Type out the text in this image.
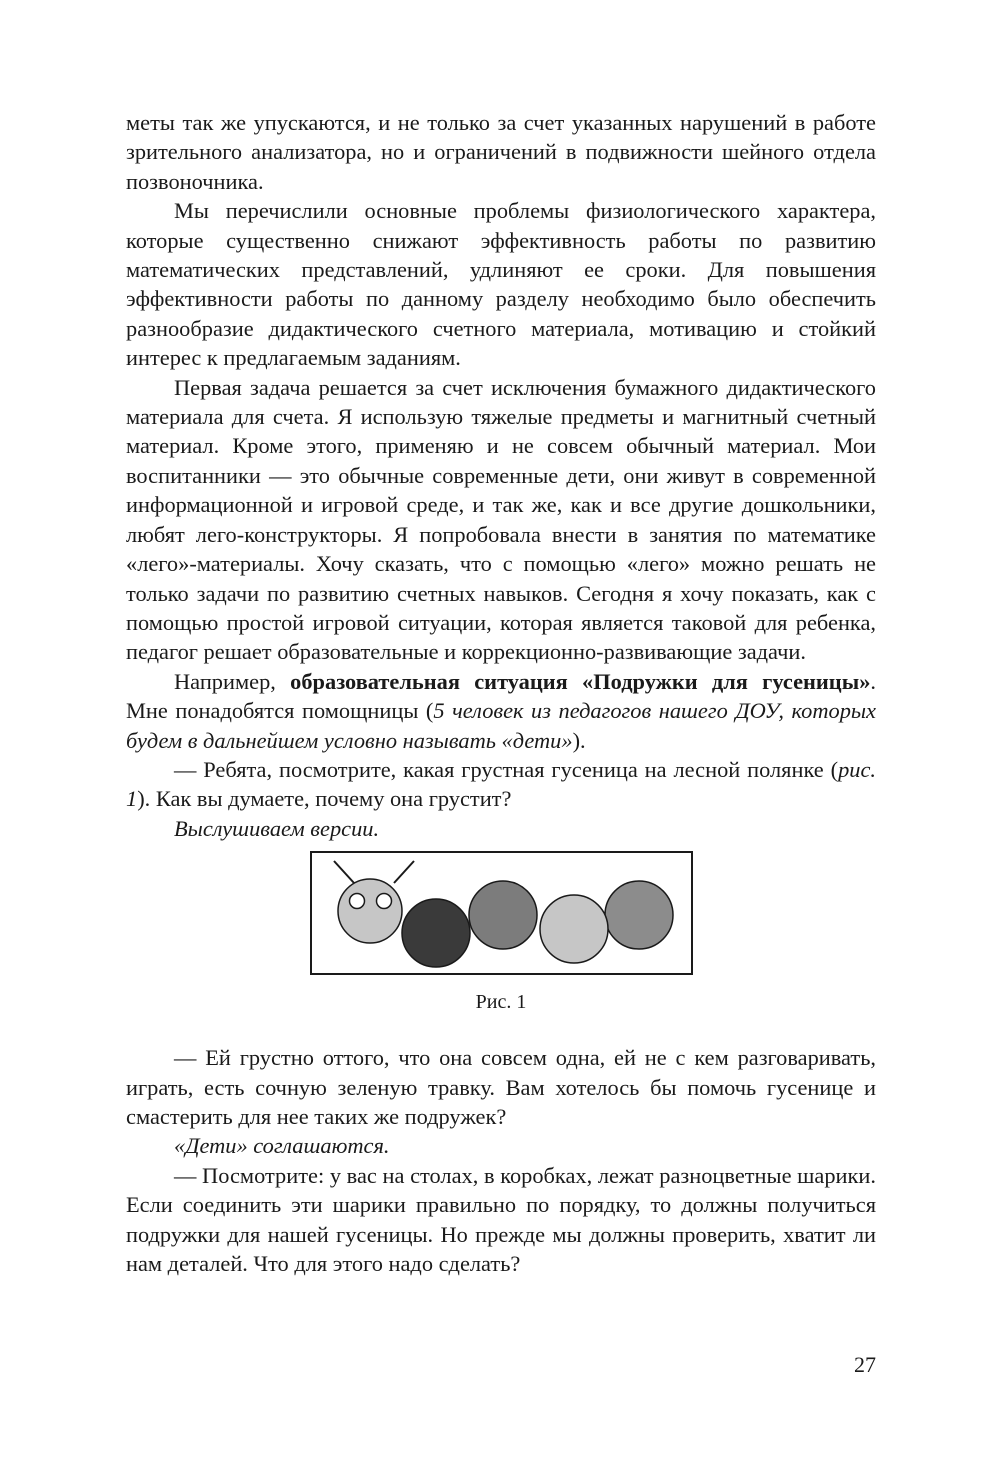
меты так же упускаются, и не только за счет указанных нарушений в работе зрительного анализатора, но и ограничений в подвижности шейного отдела позвоночника.

Мы перечислили основные проблемы физиологического характера, которые существенно снижают эффективность работы по развитию математических представлений, удлиняют ее сроки. Для повышения эффективности работы по данному разделу необходимо было обеспечить разнообразие дидактического счетного материала, мотивацию и стойкий интерес к предлагаемым заданиям.

Первая задача решается за счет исключения бумажного дидактического материала для счета. Я использую тяжелые предметы и магнитный счетный материал. Кроме этого, применяю и не совсем обычный материал. Мои воспитанники — это обычные современные дети, они живут в современной информационной и игровой среде, и так же, как и все другие дошкольники, любят лего-конструкторы. Я попробовала внести в занятия по математике «лего»-материалы. Хочу сказать, что с помощью «лего» можно решать не только задачи по развитию счетных навыков. Сегодня я хочу показать, как с помощью простой игровой ситуации, которая является таковой для ребенка, педагог решает образовательные и коррекционно-развивающие задачи.

Например, образовательная ситуация «Подружки для гусеницы». Мне понадобятся помощницы (5 человек из педагогов нашего ДОУ, которых будем в дальнейшем условно называть «дети»).

— Ребята, посмотрите, какая грустная гусеница на лесной полянке (рис. 1). Как вы думаете, почему она грустит?

Выслушиваем версии.

Рис. 1

— Ей грустно оттого, что она совсем одна, ей не с кем разговаривать, играть, есть сочную зеленую травку. Вам хотелось бы помочь гусенице и смастерить для нее таких же подружек?

«Дети» соглашаются.

— Посмотрите: у вас на столах, в коробках, лежат разноцветные шарики. Если соединить эти шарики правильно по порядку, то должны получиться подружки для нашей гусеницы. Но прежде мы должны проверить, хватит ли нам деталей. Что для этого надо сделать?

27
